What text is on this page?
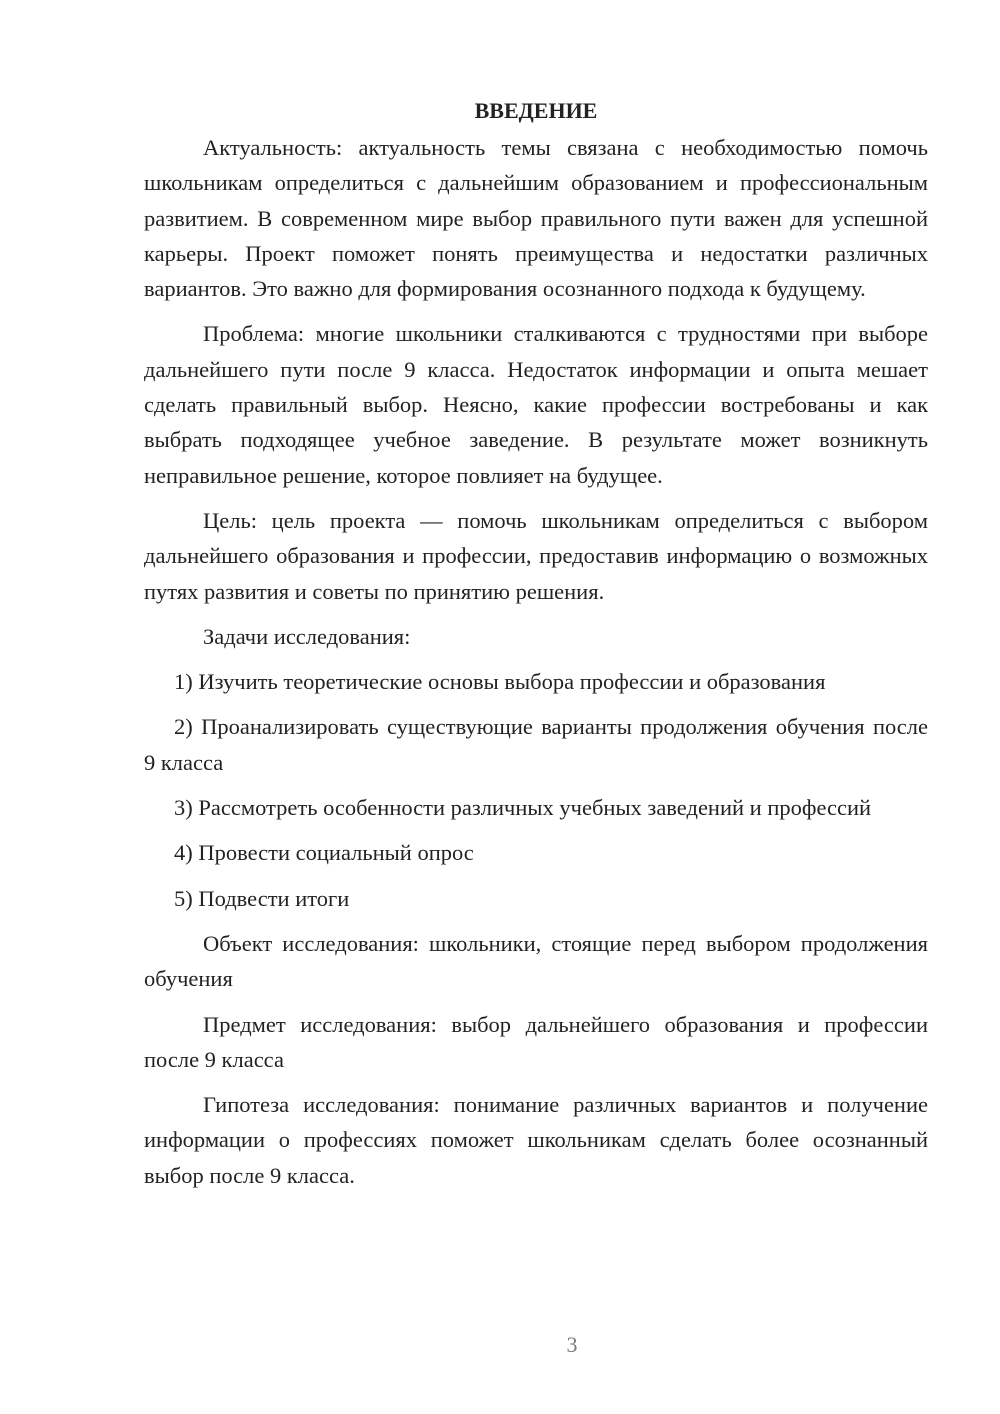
ВВЕДЕНИЕ

Актуальность: актуальность темы связана с необходимостью помочь школьникам определиться с дальнейшим образованием и профессиональным развитием. В современном мире выбор правильного пути важен для успешной карьеры. Проект поможет понять преимущества и недостатки различных вариантов. Это важно для формирования осознанного подхода к будущему.

Проблема: многие школьники сталкиваются с трудностями при выборе дальнейшего пути после 9 класса. Недостаток информации и опыта мешает сделать правильный выбор. Неясно, какие профессии востребованы и как выбрать подходящее учебное заведение. В результате может возникнуть неправильное решение, которое повлияет на будущее.

Цель: цель проекта — помочь школьникам определиться с выбором дальнейшего образования и профессии, предоставив информацию о возможных путях развития и советы по принятию решения.

Задачи исследования:

1) Изучить теоретические основы выбора профессии и образования

2) Проанализировать существующие варианты продолжения обучения после 9 класса

3) Рассмотреть особенности различных учебных заведений и профессий

4) Провести социальный опрос

5) Подвести итоги

Объект исследования: школьники, стоящие перед выбором продолжения обучения

Предмет исследования: выбор дальнейшего образования и профессии после 9 класса

Гипотеза исследования: понимание различных вариантов и получение информации о профессиях поможет школьникам сделать более осознанный выбор после 9 класса.

3
